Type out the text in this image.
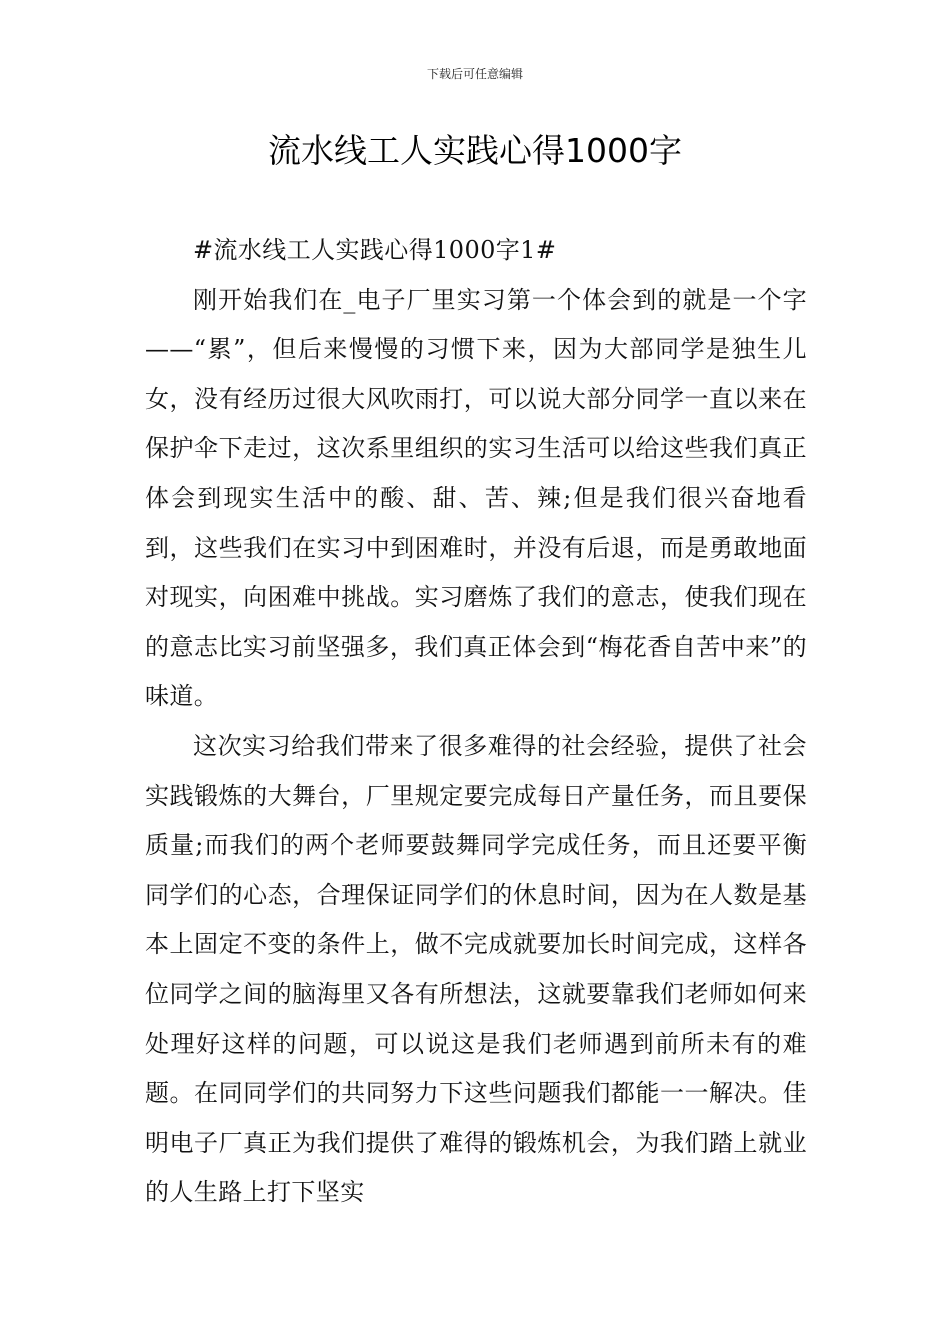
下载后可任意编辑
流水线工人实践心得1000字
#流水线工人实践心得1000字1#

刚开始我们在_电子厂里实习第一个体会到的就是一个字——“累”，但后来慢慢的习惯下来，因为大部同学是独生儿女，没有经历过很大风吹雨打，可以说大部分同学一直以来在保护伞下走过，这次系里组织的实习生活可以给这些我们真正体会到现实生活中的酸、甜、苦、辣;但是我们很兴奋地看到，这些我们在实习中到困难时，并没有后退，而是勇敢地面对现实，向困难中挑战。实习磨炼了我们的意志，使我们现在的意志比实习前坚强多，我们真正体会到“梅花香自苦中来”的味道。

这次实习给我们带来了很多难得的社会经验，提供了社会实践锻炼的大舞台，厂里规定要完成每日产量任务，而且要保质量;而我们的两个老师要鼓舞同学完成任务，而且还要平衡同学们的心态，合理保证同学们的休息时间，因为在人数是基本上固定不变的条件上，做不完成就要加长时间完成，这样各位同学之间的脑海里又各有所想法，这就要靠我们老师如何来处理好这样的问题，可以说这是我们老师遇到前所未有的难题。在同同学们的共同努力下这些问题我们都能一一解决。佳明电子厂真正为我们提供了难得的锻炼机会，为我们踏上就业的人生路上打下坚实
